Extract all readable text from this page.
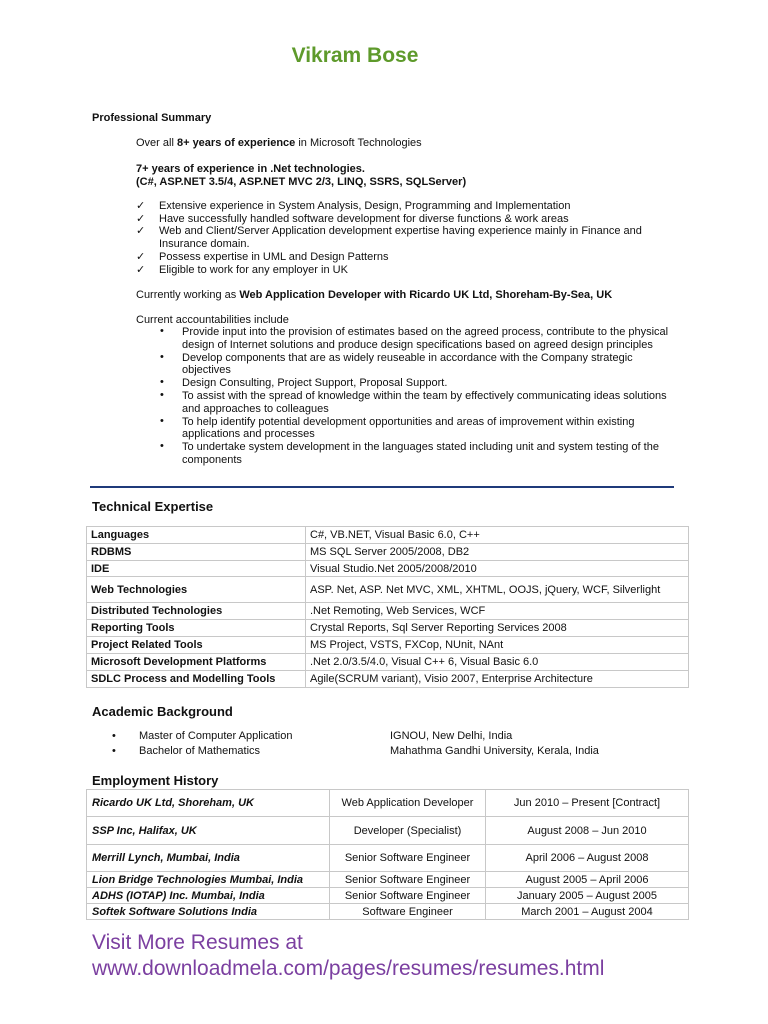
Vikram Bose
Professional Summary
Over all 8+ years of experience in Microsoft Technologies
7+ years of experience in .Net technologies.
(C#, ASP.NET 3.5/4, ASP.NET MVC 2/3, LINQ, SSRS, SQLServer)
✓ Extensive experience in System Analysis, Design, Programming and Implementation
✓ Have successfully handled software development for diverse functions & work areas
✓ Web and Client/Server Application development expertise having experience mainly in Finance and Insurance domain.
✓ Possess expertise in UML and Design Patterns
✓ Eligible to work for any employer in UK
Currently working as Web Application Developer with Ricardo UK Ltd, Shoreham-By-Sea, UK
Current accountabilities include
• Provide input into the provision of estimates based on the agreed process, contribute to the physical design of Internet solutions and produce design specifications based on agreed design principles
• Develop components that are as widely reuseable in accordance with the Company strategic objectives
• Design Consulting, Project Support, Proposal Support.
• To assist with the spread of knowledge within the team by effectively communicating ideas solutions and approaches to colleagues
• To help identify potential development opportunities and areas of improvement within existing applications and processes
• To undertake system development in the languages stated including unit and system testing of the components
Technical Expertise
Languages	C#, VB.NET, Visual Basic 6.0, C++
RDBMS	MS SQL Server 2005/2008, DB2
IDE	Visual Studio.Net 2005/2008/2010
Web Technologies	ASP. Net, ASP. Net MVC, XML, XHTML, OOJS, jQuery, WCF, Silverlight
Distributed Technologies	.Net Remoting, Web Services, WCF
Reporting Tools	Crystal Reports, Sql Server Reporting Services 2008
Project Related Tools	MS Project, VSTS, FXCop, NUnit, NAnt
Microsoft Development Platforms	.Net 2.0/3.5/4.0, Visual C++ 6, Visual Basic 6.0
SDLC Process and Modelling Tools	Agile(SCRUM variant), Visio 2007, Enterprise Architecture
Academic Background
• Master of Computer Application	IGNOU, New Delhi, India
• Bachelor of Mathematics	Mahathma Gandhi University, Kerala, India
Employment History
Ricardo UK Ltd, Shoreham, UK	Web Application Developer	Jun 2010 – Present [Contract]
SSP Inc, Halifax, UK	Developer (Specialist)	August 2008 – Jun 2010
Merrill Lynch, Mumbai, India	Senior Software Engineer	April 2006 – August 2008
Lion Bridge Technologies Mumbai, India	Senior Software Engineer	August 2005 – April 2006
ADHS (IOTAP) Inc. Mumbai, India	Senior Software Engineer	January 2005 – August 2005
Softek Software Solutions India	Software Engineer	March 2001 – August 2004
Visit More Resumes at
www.downloadmela.com/pages/resumes/resumes.html
